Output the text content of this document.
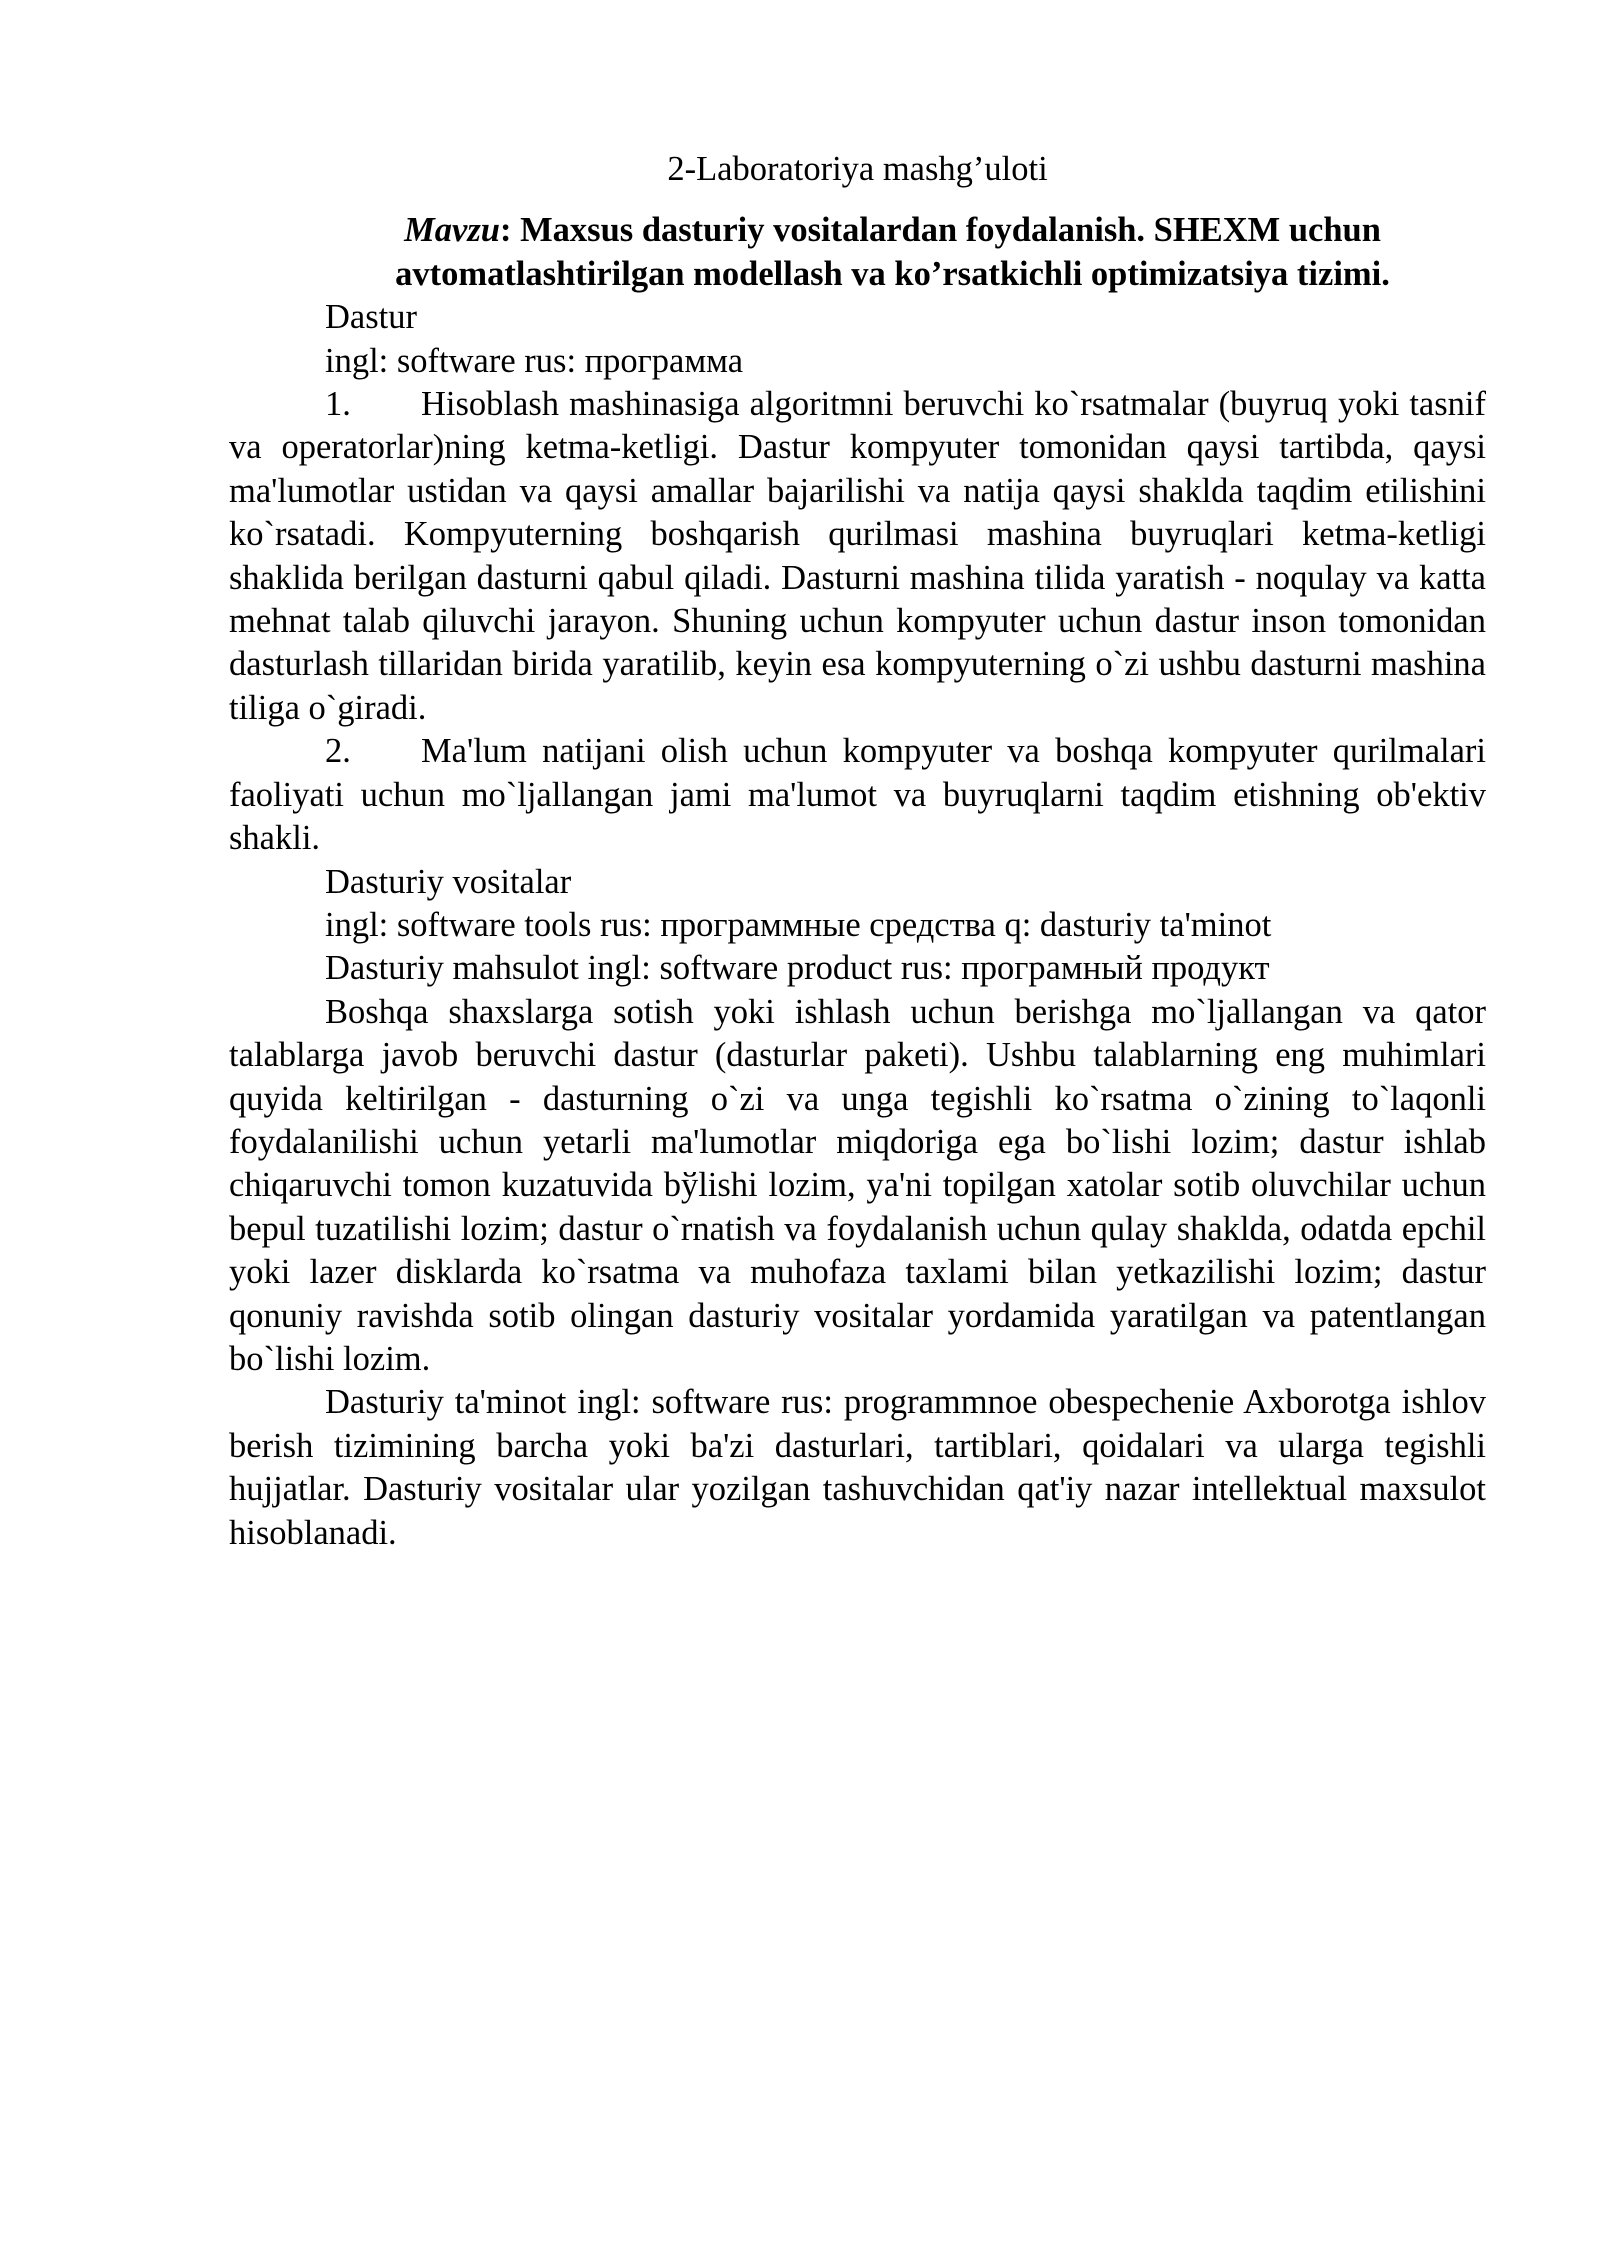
2-Laboratoriya mashg’uloti

Mavzu: Maxsus dasturiy vositalardan foydalanish. SHEXM uchun avtomatlashtirilgan modellash va ko’rsatkichli optimizatsiya tizimi.

Dastur

ingl: software rus: программа

1. Hisoblash mashinasiga algoritmni beruvchi ko`rsatmalar (buyruq yoki tasnif va operatorlar)ning ketma-ketligi. Dastur kompyuter tomonidan qaysi tartibda, qaysi ma'lumotlar ustidan va qaysi amallar bajarilishi va natija qaysi shaklda taqdim etilishini ko`rsatadi. Kompyuterning boshqarish qurilmasi mashina buyruqlari ketma-ketligi shaklida berilgan dasturni qabul qiladi. Dasturni mashina tilida yaratish - noqulay va katta mehnat talab qiluvchi jarayon. Shuning uchun kompyuter uchun dastur inson tomonidan dasturlash tillaridan birida yaratilib, keyin esa kompyuterning o`zi ushbu dasturni mashina tiliga o`giradi.

2. Ma'lum natijani olish uchun kompyuter va boshqa kompyuter qurilmalari faoliyati uchun mo`ljallangan jami ma'lumot va buyruqlarni taqdim etishning ob'ektiv shakli.

Dasturiy vositalar

ingl: software tools rus: программные средства q: dasturiy ta'minot

Dasturiy mahsulot ingl: software product rus: програмный продукт

Boshqa shaxslarga sotish yoki ishlash uchun berishga mo`ljallangan va qator talablarga javob beruvchi dastur (dasturlar paketi). Ushbu talablarning eng muhimlari quyida keltirilgan - dasturning o`zi va unga tegishli ko`rsatma o`zining to`laqonli foydalanilishi uchun yetarli ma'lumotlar miqdoriga ega bo`lishi lozim; dastur ishlab chiqaruvchi tomon kuzatuvida bўlishi lozim, ya'ni topilgan xatolar sotib oluvchilar uchun bepul tuzatilishi lozim; dastur o`rnatish va foydalanish uchun qulay shaklda, odatda epchil yoki lazer disklarda ko`rsatma va muhofaza taxlami bilan yetkazilishi lozim; dastur qonuniy ravishda sotib olingan dasturiy vositalar yordamida yaratilgan va patentlangan bo`lishi lozim.

Dasturiy ta'minot ingl: software rus: programmnoe obespechenie Axborotga ishlov berish tizimining barcha yoki ba'zi dasturlari, tartiblari, qoidalari va ularga tegishli hujjatlar. Dasturiy vositalar ular yozilgan tashuvchidan qat'iy nazar intellektual maxsulot hisoblanadi.
